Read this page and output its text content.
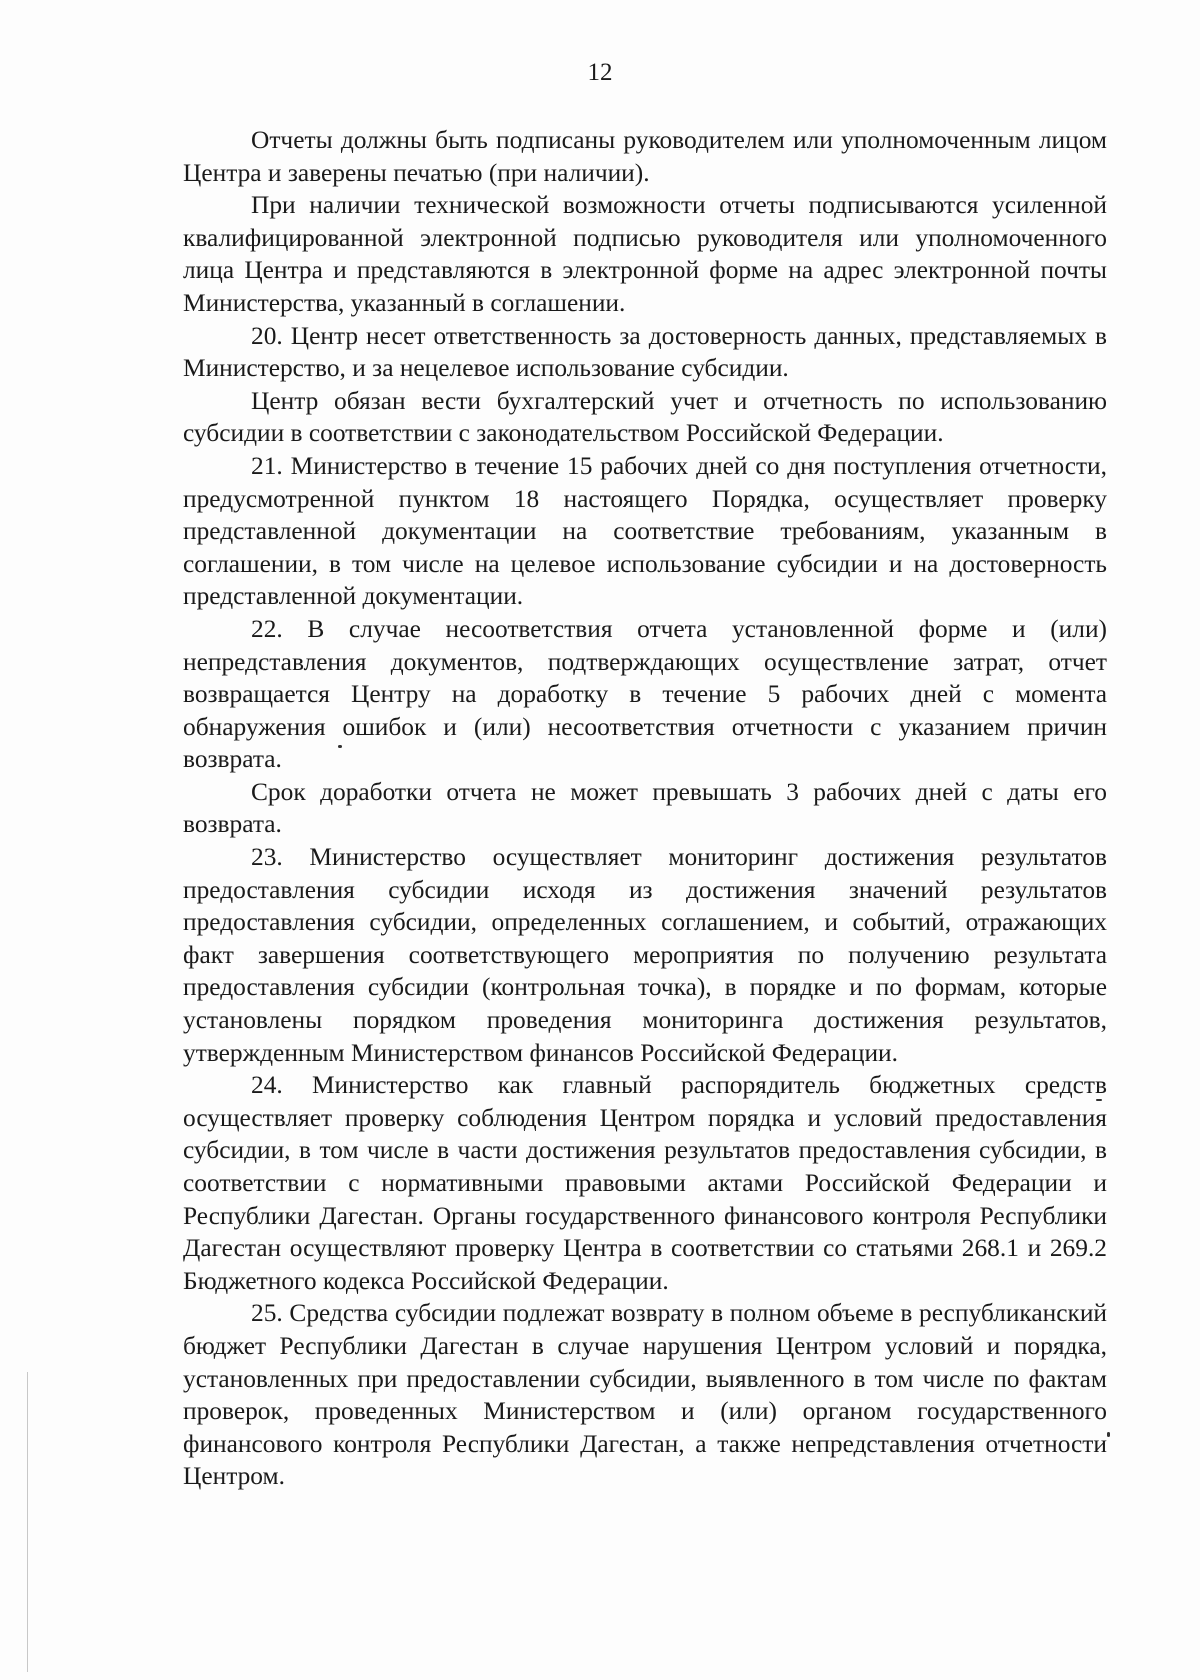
12

Отчеты должны быть подписаны руководителем или уполномоченным лицом Центра и заверены печатью (при наличии).

При наличии технической возможности отчеты подписываются усиленной квалифицированной электронной подписью руководителя или уполномоченного лица Центра и представляются в электронной форме на адрес электронной почты Министерства, указанный в соглашении.

20. Центр несет ответственность за достоверность данных, представляемых в Министерство, и за нецелевое использование субсидии.

Центр обязан вести бухгалтерский учет и отчетность по использованию субсидии в соответствии с законодательством Российской Федерации.

21. Министерство в течение 15 рабочих дней со дня поступления отчетности, предусмотренной пунктом 18 настоящего Порядка, осуществляет проверку представленной документации на соответствие требованиям, указанным в соглашении, в том числе на целевое использование субсидии и на достоверность представленной документации.

22. В случае несоответствия отчета установленной форме и (или) непредставления документов, подтверждающих осуществление затрат, отчет возвращается Центру на доработку в течение 5 рабочих дней с момента обнаружения ошибок и (или) несоответствия отчетности с указанием причин возврата.

Срок доработки отчета не может превышать 3 рабочих дней с даты его возврата.

23. Министерство осуществляет мониторинг достижения результатов предоставления субсидии исходя из достижения значений результатов предоставления субсидии, определенных соглашением, и событий, отражающих факт завершения соответствующего мероприятия по получению результата предоставления субсидии (контрольная точка), в порядке и по формам, которые установлены порядком проведения мониторинга достижения результатов, утвержденным Министерством финансов Российской Федерации.

24. Министерство как главный распорядитель бюджетных средств осуществляет проверку соблюдения Центром порядка и условий предоставления субсидии, в том числе в части достижения результатов предоставления субсидии, в соответствии с нормативными правовыми актами Российской Федерации и Республики Дагестан. Органы государственного финансового контроля Республики Дагестан осуществляют проверку Центра в соответствии со статьями 268.1 и 269.2 Бюджетного кодекса Российской Федерации.

25. Средства субсидии подлежат возврату в полном объеме в республиканский бюджет Республики Дагестан в случае нарушения Центром условий и порядка, установленных при предоставлении субсидии, выявленного в том числе по фактам проверок, проведенных Министерством и (или) органом государственного финансового контроля Республики Дагестан, а также непредставления отчетности Центром.
